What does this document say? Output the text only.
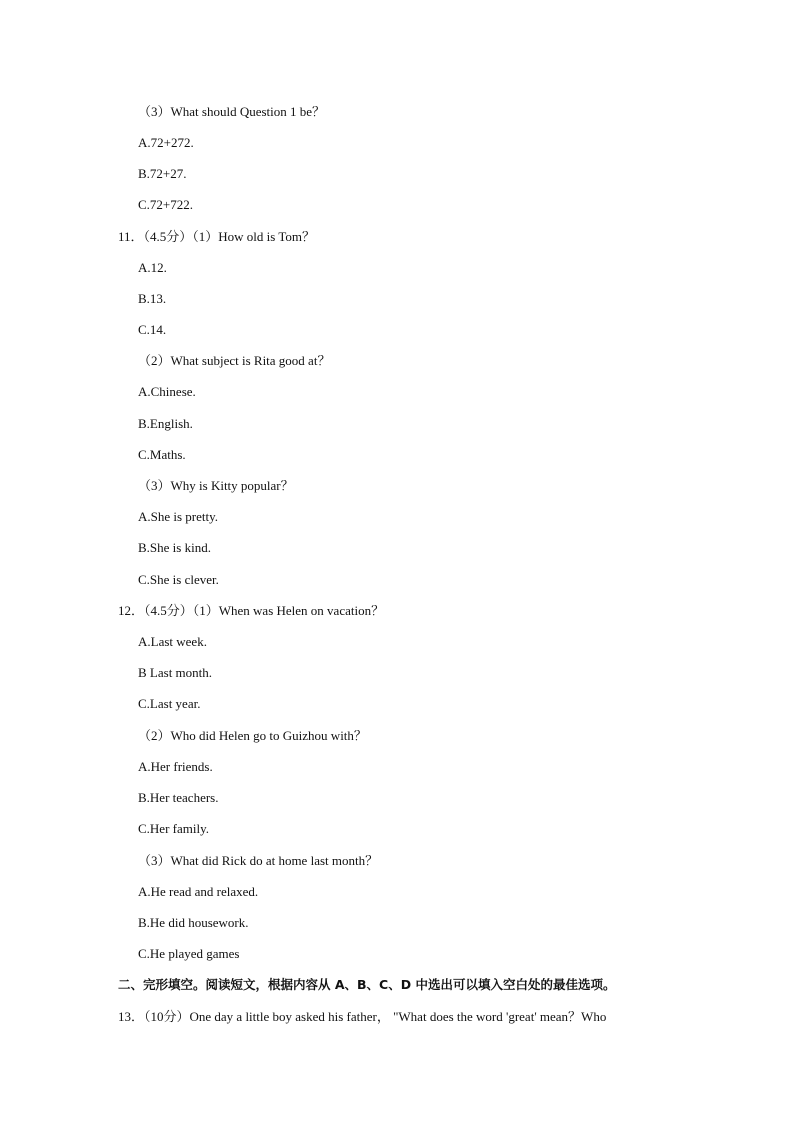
（3）What should Question 1 be？
A.72+272.
B.72+27.
C.72+722.
11．（4.5分）（1）How old is Tom？
A.12.
B.13.
C.14.
（2）What subject is Rita good at？
A.Chinese.
B.English.
C.Maths.
（3）Why is Kitty popular？
A.She is pretty.
B.She is kind.
C.She is clever.
12．（4.5分）（1）When was Helen on vacation？
A.Last week.
B Last month.
C.Last year.
（2）Who did Helen go to Guizhou with？
A.Her friends.
B.Her teachers.
C.Her family.
（3）What did Rick do at home last month？
A.He read and relaxed.
B.He did housework.
C.He played games
二、完形填空。阅读短文，根据内容从 A、B、C、D 中选出可以填入空白处的最佳选项。
13．（10分）One day a little boy asked his father， "What does the word 'great' mean？Who
